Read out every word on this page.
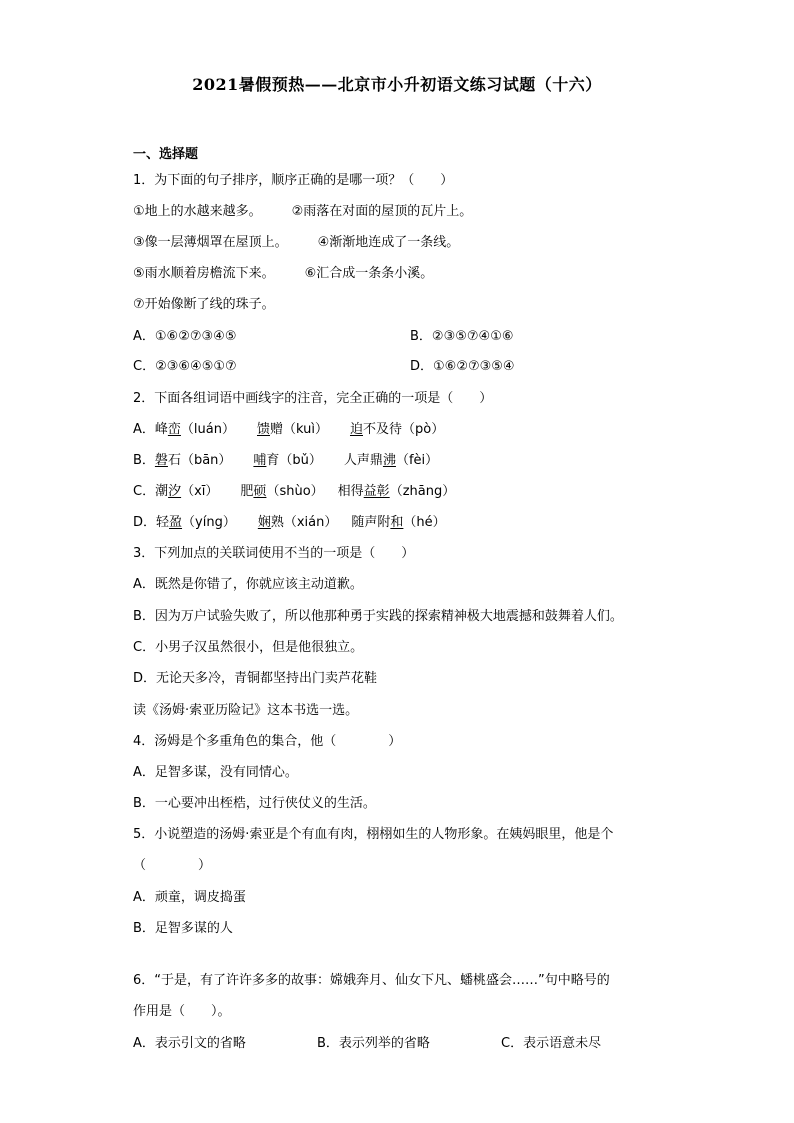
2021暑假预热——北京市小升初语文练习试题（十六）
一、选择题
1．为下面的句子排序，顺序正确的是哪一项？（　　）
①地上的水越来越多。 ②雨落在对面的屋顶的瓦片上。
③像一层薄烟罩在屋顶上。 ④渐渐地连成了一条线。
⑤雨水顺着房檐流下来。 ⑥汇合成一条条小溪。
⑦开始像断了线的珠子。
A．①⑥②⑦③④⑤	B．②③⑤⑦④①⑥
C．②③⑥④⑤①⑦	D．①⑥②⑦③⑤④
2．下面各组词语中画线字的注音，完全正确的一项是（　　）
A．峰峦（luán） 馈赠（kuì） 迫不及待（pò）
B．磐石（bān） 哺育（bǔ） 人声鼎沸（fèi）
C．潮汐（xī） 肥硕（shùo） 相得益彰（zhāng）
D．轻盈（yíng） 娴熟（xián） 随声附和（hé）
3．下列加点的关联词使用不当的一项是（　　）
A．既然是你错了，你就应该主动道歉。
B．因为万户试验失败了，所以他那种勇于实践的探索精神极大地震撼和鼓舞着人们。
C．小男子汉虽然很小，但是他很独立。
D．无论天多冷，青铜都坚持出门卖芦花鞋
读《汤姆·索亚历险记》这本书选一选。
4．汤姆是个多重角色的集合，他（　　　　）
A．足智多谋，没有同情心。
B．一心要冲出桎梏，过行侠仗义的生活。
5．小说塑造的汤姆·索亚是个有血有肉，栩栩如生的人物形象。在姨妈眼里，他是个
（　　　　）
A．顽童，调皮捣蛋
B．足智多谋的人
6．“于是，有了许许多多的故事：嫦娥奔月、仙女下凡、蟠桃盛会……”句中略号的
作用是（　　）。
A．表示引文的省略	B．表示列举的省略	C．表示语意未尽
